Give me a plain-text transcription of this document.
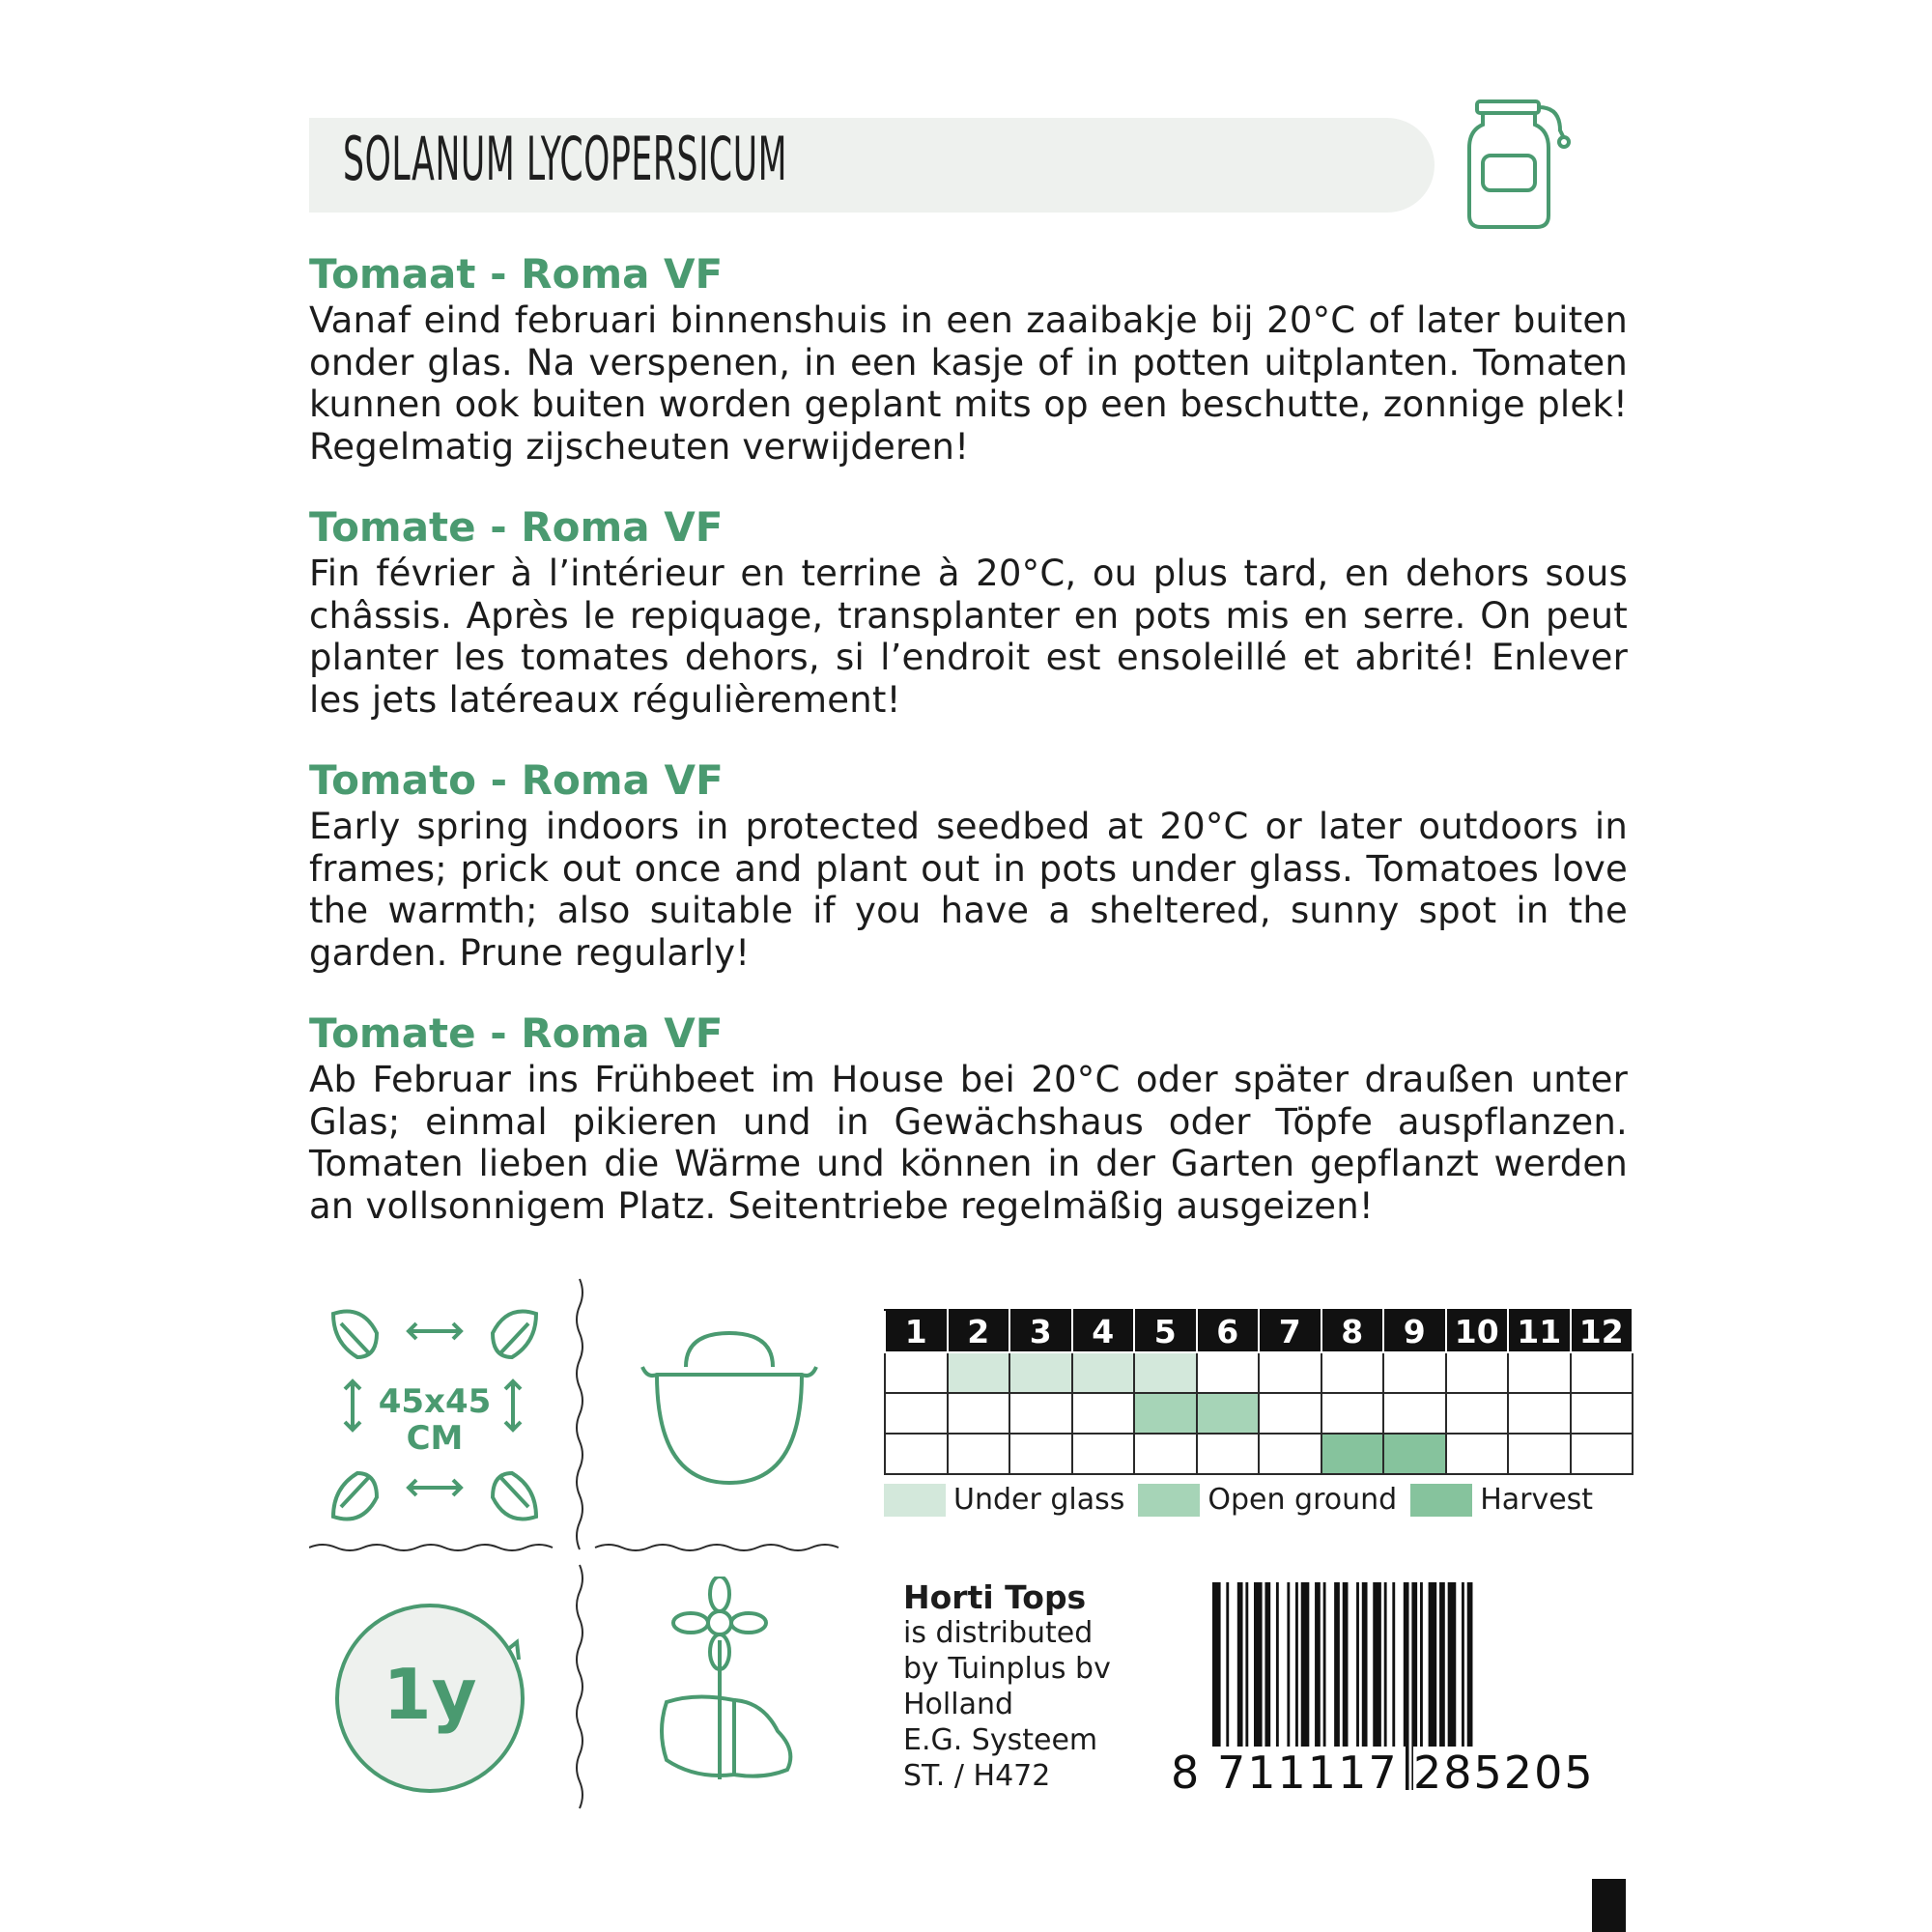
SOLANUM LYCOPERSICUM
Tomaat - Roma VF
Vanaf eind februari binnenshuis in een zaaibakje bij 20°C of later buiten onder glas. Na verspenen, in een kasje of in potten uitplanten. Tomaten kunnen ook buiten worden geplant mits op een beschutte, zonnige plek! Regelmatig zijscheuten verwijderen!
Tomate - Roma VF
Fin février à l’intérieur en terrine à 20°C, ou plus tard, en dehors sous châssis. Après le repiquage, transplanter en pots mis en serre. On peut planter les tomates dehors, si l’endroit est ensoleillé et abrité! Enlever les jets latéreaux régulièrement!
Tomato - Roma VF
Early spring indoors in protected seedbed at 20°C or later outdoors in frames; prick out once and plant out in pots under glass. Tomatoes love the warmth; also suitable if you have a sheltered, sunny spot in the garden. Prune regularly!
Tomate - Roma VF
Ab Februar ins Frühbeet im House bei 20°C oder später draußen unter Glas; einmal pikieren und in Gewächshaus oder Töpfe auspflanzen. Tomaten lieben die Wärme und können in der Garten gepflanzt werden an vollsonnigem Platz. Seitentriebe regelmäßig ausgeizen!
45x45
CM
1y
1	2	3	4	5	6	7	8	9	10	11	12

Under glass	Open ground	Harvest
Horti Tops
is distributed
by Tuinplus bv
Holland
E.G. Systeem
ST. / H472	8 711117 285205
